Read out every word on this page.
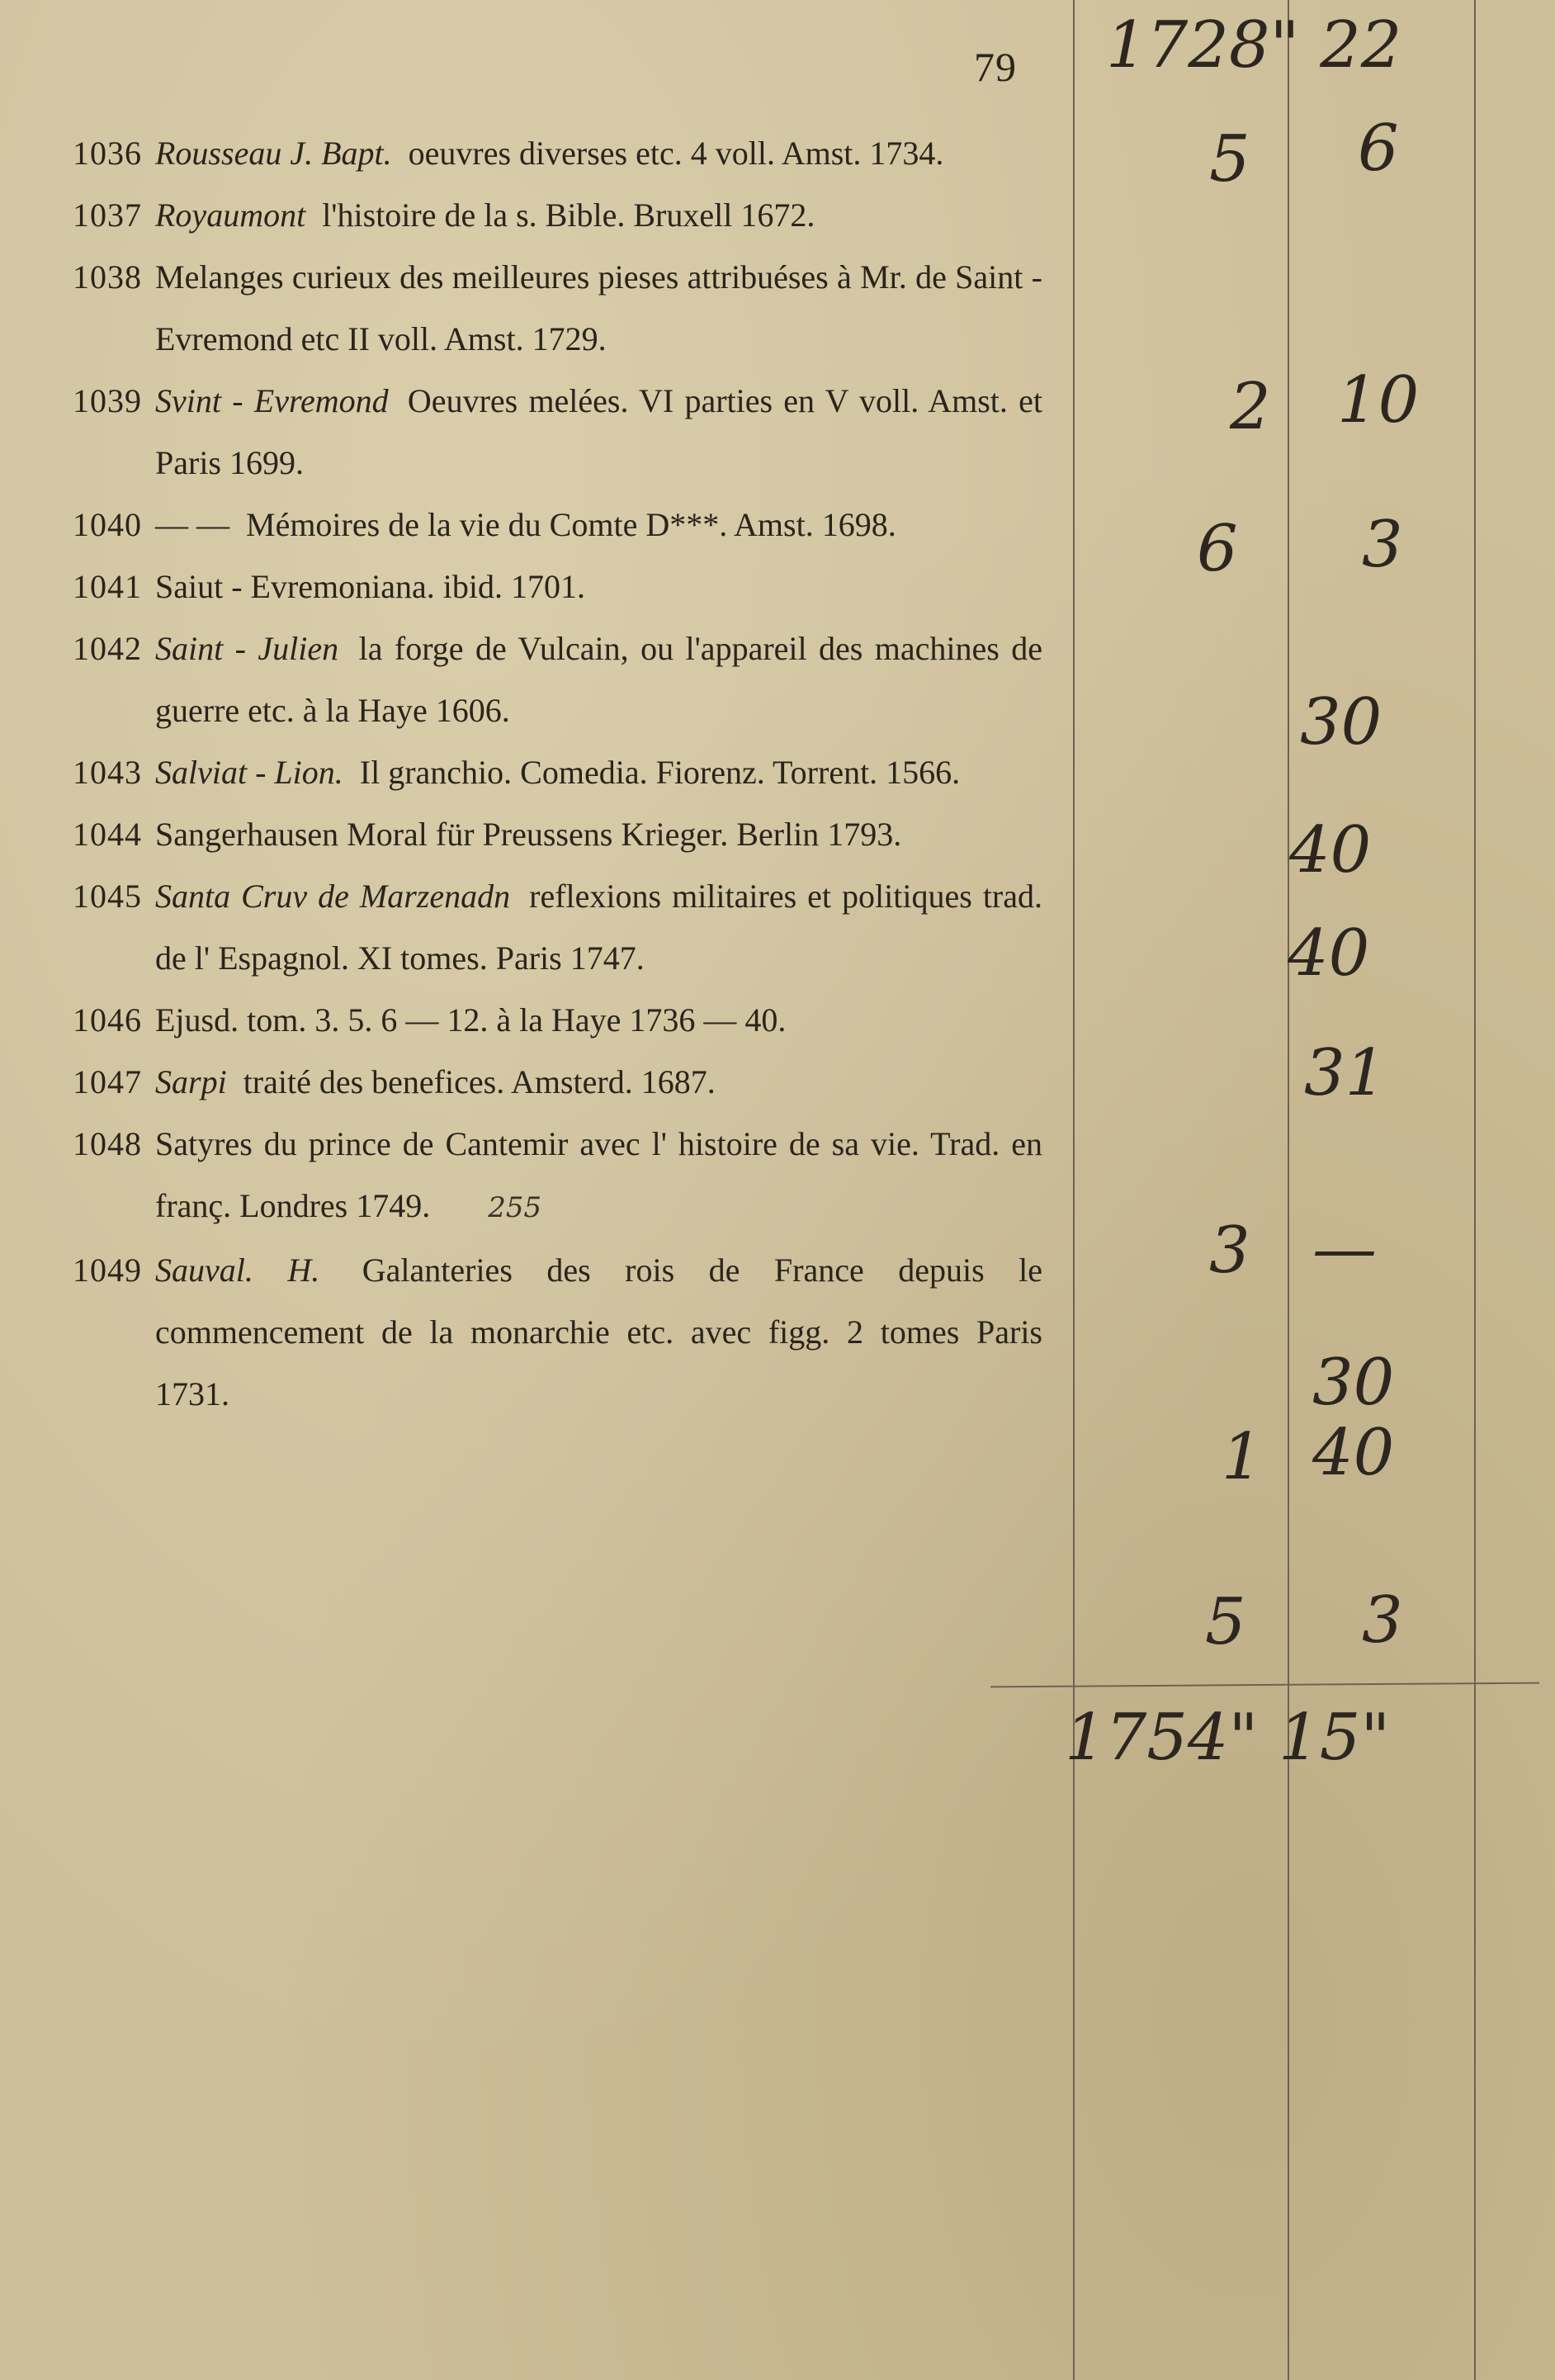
79
1036 Rousseau J. Bapt. oeuvres diverses etc. 4 voll. Amst. 1734.
1037 Royaumont l'histoire de la s. Bible. Bruxell 1672.
1038 Melanges curieux des meilleures pieses attribuéses à Mr. de Saint - Evremond etc II voll. Amst. 1729.
1039 Svint - Evremond Oeuvres melées. VI parties en V voll. Amst. et Paris 1699.
1040 — — Mémoires de la vie du Comte D***. Amst. 1698.
1041 Saiut - Evremoniana. ibid. 1701.
1042 Saint - Julien la forge de Vulcain, ou l'appareil des machines de guerre etc. à la Haye 1606.
1043 Salviat - Lion. Il granchio. Comedia. Fiorenz. Torrent. 1566.
1044 Sangerhausen Moral für Preussens Krieger. Berlin 1793.
1045 Santa Cruv de Marzenadn reflexions militaires et politiques trad. de l' Espagnol. XI tomes. Paris 1747.
1046 Ejusd. tom. 3. 5. 6 — 12. à la Haye 1736 — 40.
1047 Sarpi traité des benefices. Amsterd. 1687.
1048 Satyres du prince de Cantemir avec l' histoire de sa vie. Trad. en franç. Londres 1749. 255
1049 Sauval. H. Galanteries des rois de France depuis le commencement de la monarchie etc. avec figg. 2 tomes Paris 1731.
1728" 22
5 6
2 10
6 3
30
40
40
31
3 —
30
1 40
5 3
1754" 15"
